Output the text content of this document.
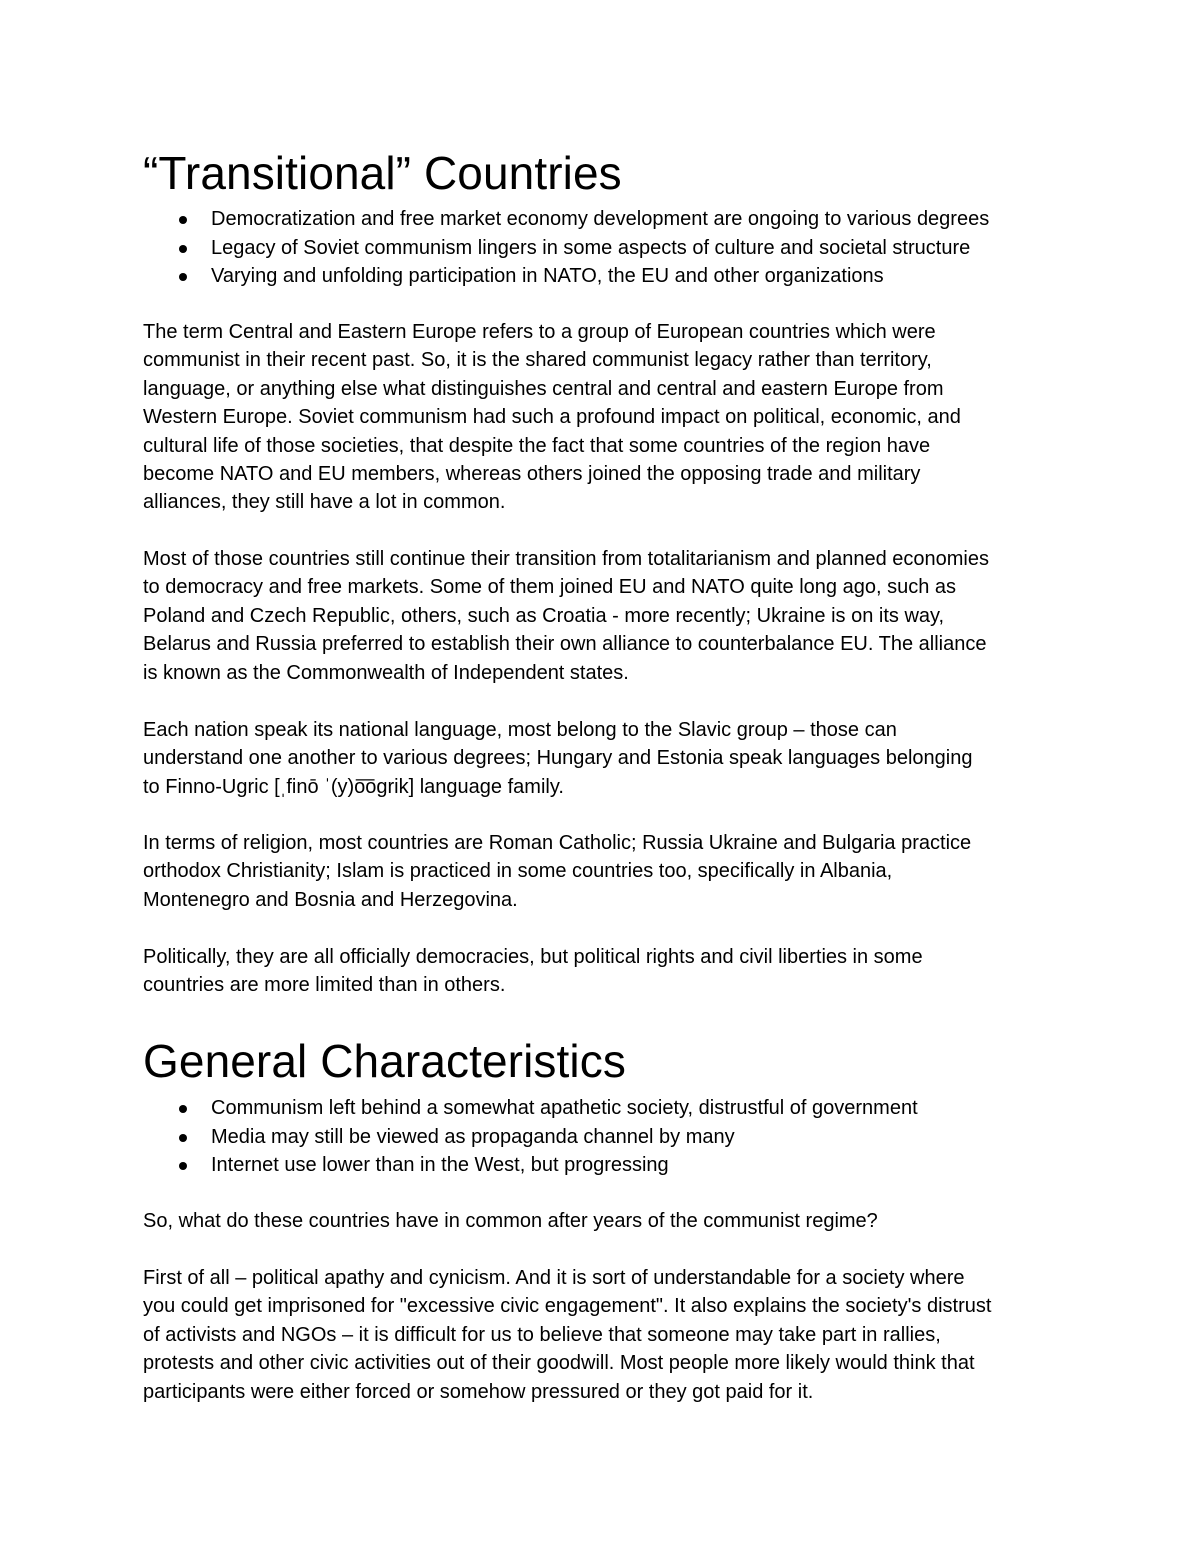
“Transitional” Countries
Democratization and free market economy development are ongoing to various degrees
Legacy of Soviet communism lingers in some aspects of culture and societal structure
Varying and unfolding participation in NATO, the EU and other organizations

The term Central and Eastern Europe refers to a group of European countries which were
communist in their recent past. So, it is the shared communist legacy rather than territory,
language, or anything else what distinguishes central and central and eastern Europe from
Western Europe. Soviet communism had such a profound impact on political, economic, and
cultural life of those societies, that despite the fact that some countries of the region have
become NATO and EU members, whereas others joined the opposing trade and military
alliances, they still have a lot in common.

Most of those countries still continue their transition from totalitarianism and planned economies
to democracy and free markets. Some of them joined EU and NATO quite long ago, such as
Poland and Czech Republic, others, such as Croatia - more recently; Ukraine is on its way,
Belarus and Russia preferred to establish their own alliance to counterbalance EU. The alliance
is known as the Commonwealth of Independent states.

Each nation speak its national language, most belong to the Slavic group – those can
understand one another to various degrees; Hungary and Estonia speak languages belonging
to Finno-Ugric [ˌfinō ˈ(y)o͞ogrik] language family.

In terms of religion, most countries are Roman Catholic; Russia Ukraine and Bulgaria practice
orthodox Christianity; Islam is practiced in some countries too, specifically in Albania,
Montenegro and Bosnia and Herzegovina.

Politically, they are all officially democracies, but political rights and civil liberties in some
countries are more limited than in others.

General Characteristics
Communism left behind a somewhat apathetic society, distrustful of government
Media may still be viewed as propaganda channel by many
Internet use lower than in the West, but progressing

So, what do these countries have in common after years of the communist regime?

First of all – political apathy and cynicism. And it is sort of understandable for a society where
you could get imprisoned for "excessive civic engagement". It also explains the society's distrust
of activists and NGOs – it is difficult for us to believe that someone may take part in rallies,
protests and other civic activities out of their goodwill. Most people more likely would think that
participants were either forced or somehow pressured or they got paid for it.
